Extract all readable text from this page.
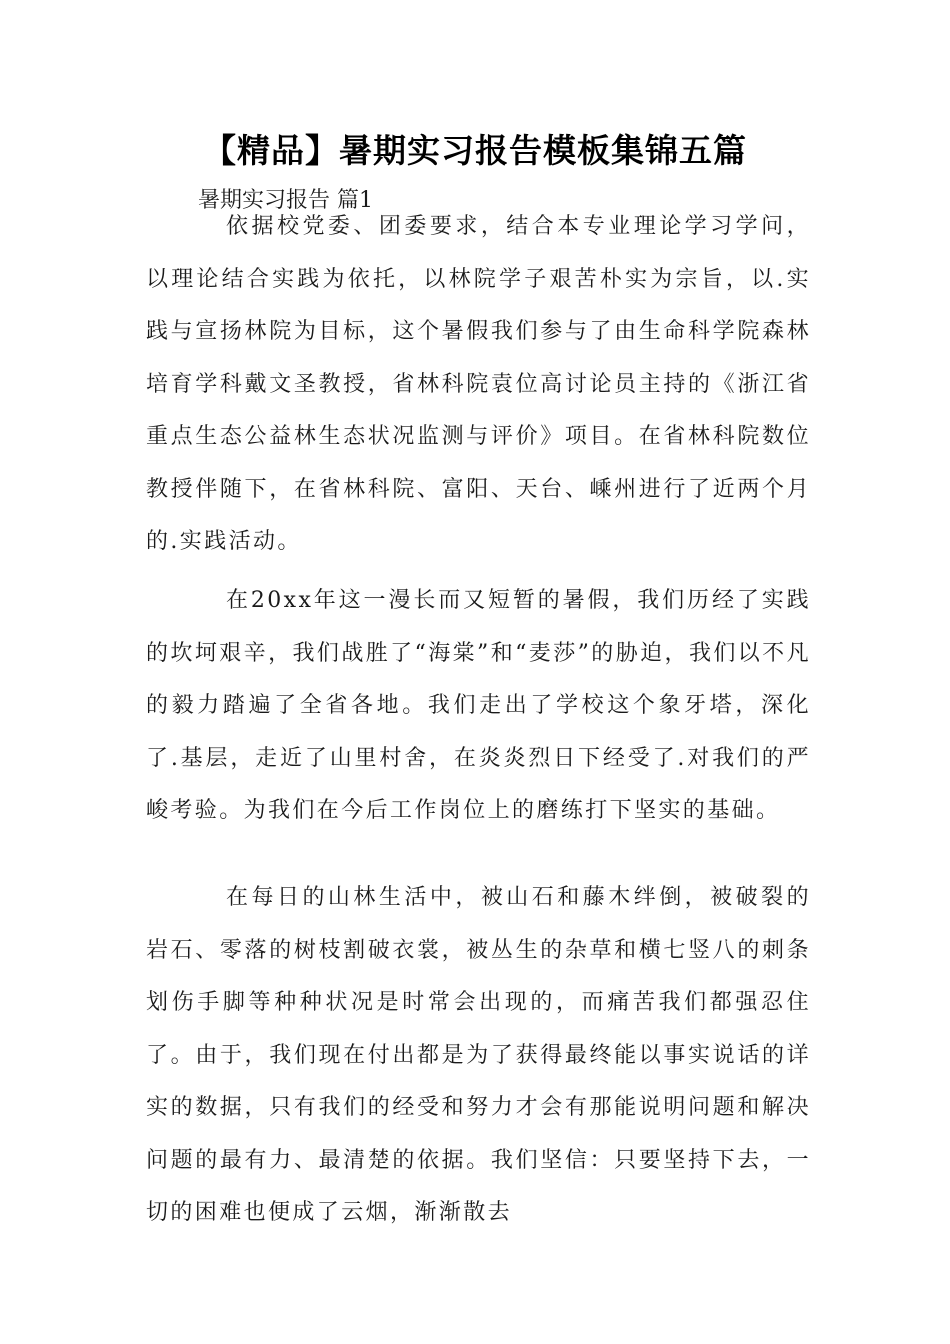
【精品】暑期实习报告模板集锦五篇
暑期实习报告 篇1

依据校党委、团委要求，结合本专业理论学习学问，以理论结合实践为依托，以林院学子艰苦朴实为宗旨，以.实践与宣扬林院为目标，这个暑假我们参与了由生命科学院森林培育学科戴文圣教授，省林科院袁位高讨论员主持的《浙江省重点生态公益林生态状况监测与评价》项目。在省林科院数位教授伴随下，在省林科院、富阳、天台、嵊州进行了近两个月的.实践活动。

在20xx年这一漫长而又短暂的暑假，我们历经了实践的坎坷艰辛，我们战胜了“海棠”和“麦莎”的胁迫，我们以不凡的毅力踏遍了全省各地。我们走出了学校这个象牙塔，深化了.基层，走近了山里村舍，在炎炎烈日下经受了.对我们的严峻考验。为我们在今后工作岗位上的磨练打下坚实的基础。

在每日的山林生活中，被山石和藤木绊倒，被破裂的岩石、零落的树枝割破衣裳，被丛生的杂草和横七竖八的刺条划伤手脚等种种状况是时常会出现的，而痛苦我们都强忍住了。由于，我们现在付出都是为了获得最终能以事实说话的详实的数据，只有我们的经受和努力才会有那能说明问题和解决问题的最有力、最清楚的依据。我们坚信：只要坚持下去，一切的困难也便成了云烟，渐渐散去
